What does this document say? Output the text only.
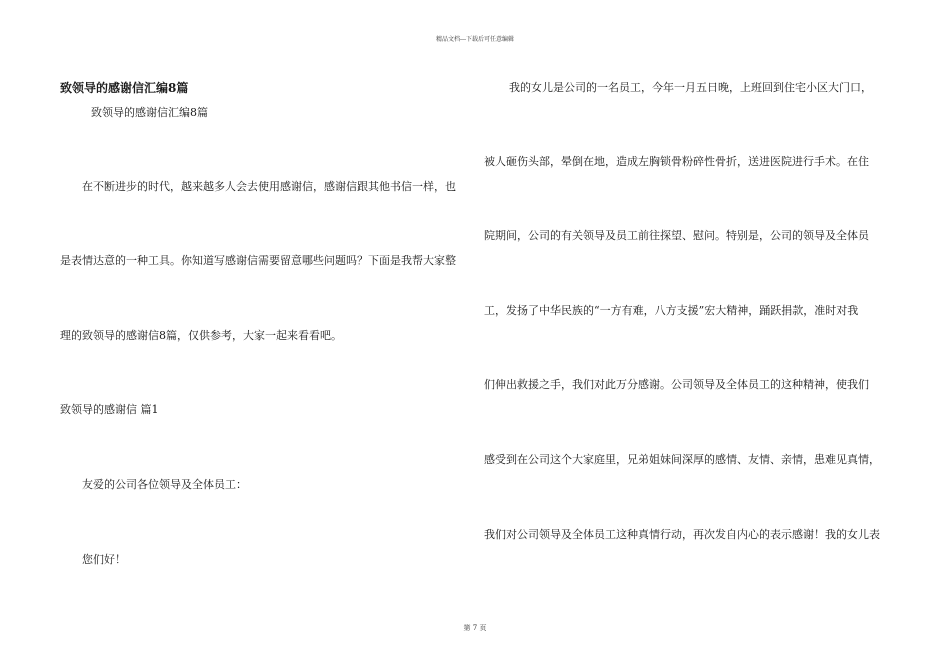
精品文档---下载后可任意编辑
致领导的感谢信汇编8篇
致领导的感谢信汇编8篇
在不断进步的时代，越来越多人会去使用感谢信，感谢信跟其他书信一样，也
是表情达意的一种工具。你知道写感谢信需要留意哪些问题吗？下面是我帮大家整
理的致领导的感谢信8篇，仅供参考，大家一起来看看吧。
致领导的感谢信 篇1
友爱的公司各位领导及全体员工：
您们好！
我的女儿是公司的一名员工，今年一月五日晚，上班回到住宅小区大门口，
被人砸伤头部，晕倒在地，造成左胸锁骨粉碎性骨折，送进医院进行手术。在住
院期间，公司的有关领导及员工前往探望、慰问。特别是，公司的领导及全体员
工，发扬了中华民族的“一方有难，八方支援”宏大精神，踊跃捐款，准时对我
们伸出救援之手，我们对此万分感谢。公司领导及全体员工的这种精神，使我们
感受到在公司这个大家庭里，兄弟姐妹间深厚的感情、友情、亲情，患难见真情，
我们对公司领导及全体员工这种真情行动，再次发自内心的表示感谢！我的女儿表
第 7 页
